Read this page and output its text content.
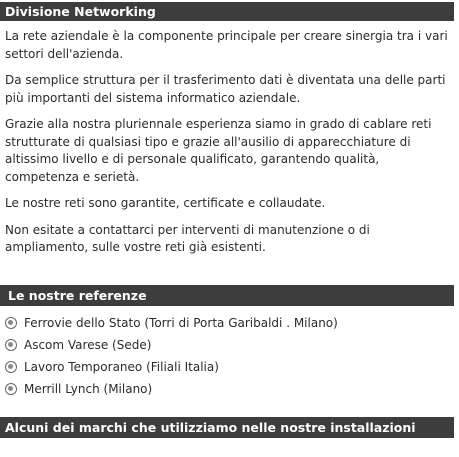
Divisione Networking

La rete aziendale è la componente principale per creare sinergia tra i vari settori dell'azienda.

Da semplice struttura per il trasferimento dati è diventata una delle parti più importanti del sistema informatico aziendale.

Grazie alla nostra pluriennale esperienza siamo in grado di cablare reti strutturate di qualsiasi tipo e grazie all'ausilio di apparecchiature di altissimo livello e di personale qualificato, garantendo qualità, competenza e serietà.

Le nostre reti sono garantite, certificate e collaudate.

Non esitate a contattarci per interventi di manutenzione o di ampliamento, sulle vostre reti già esistenti.

Le nostre referenze
Ferrovie dello Stato (Torri di Porta Garibaldi . Milano)
Ascom Varese (Sede)
Lavoro Temporaneo (Filiali Italia)
Merrill Lynch (Milano)
Alcuni dei marchi che utilizziamo nelle nostre installazioni
